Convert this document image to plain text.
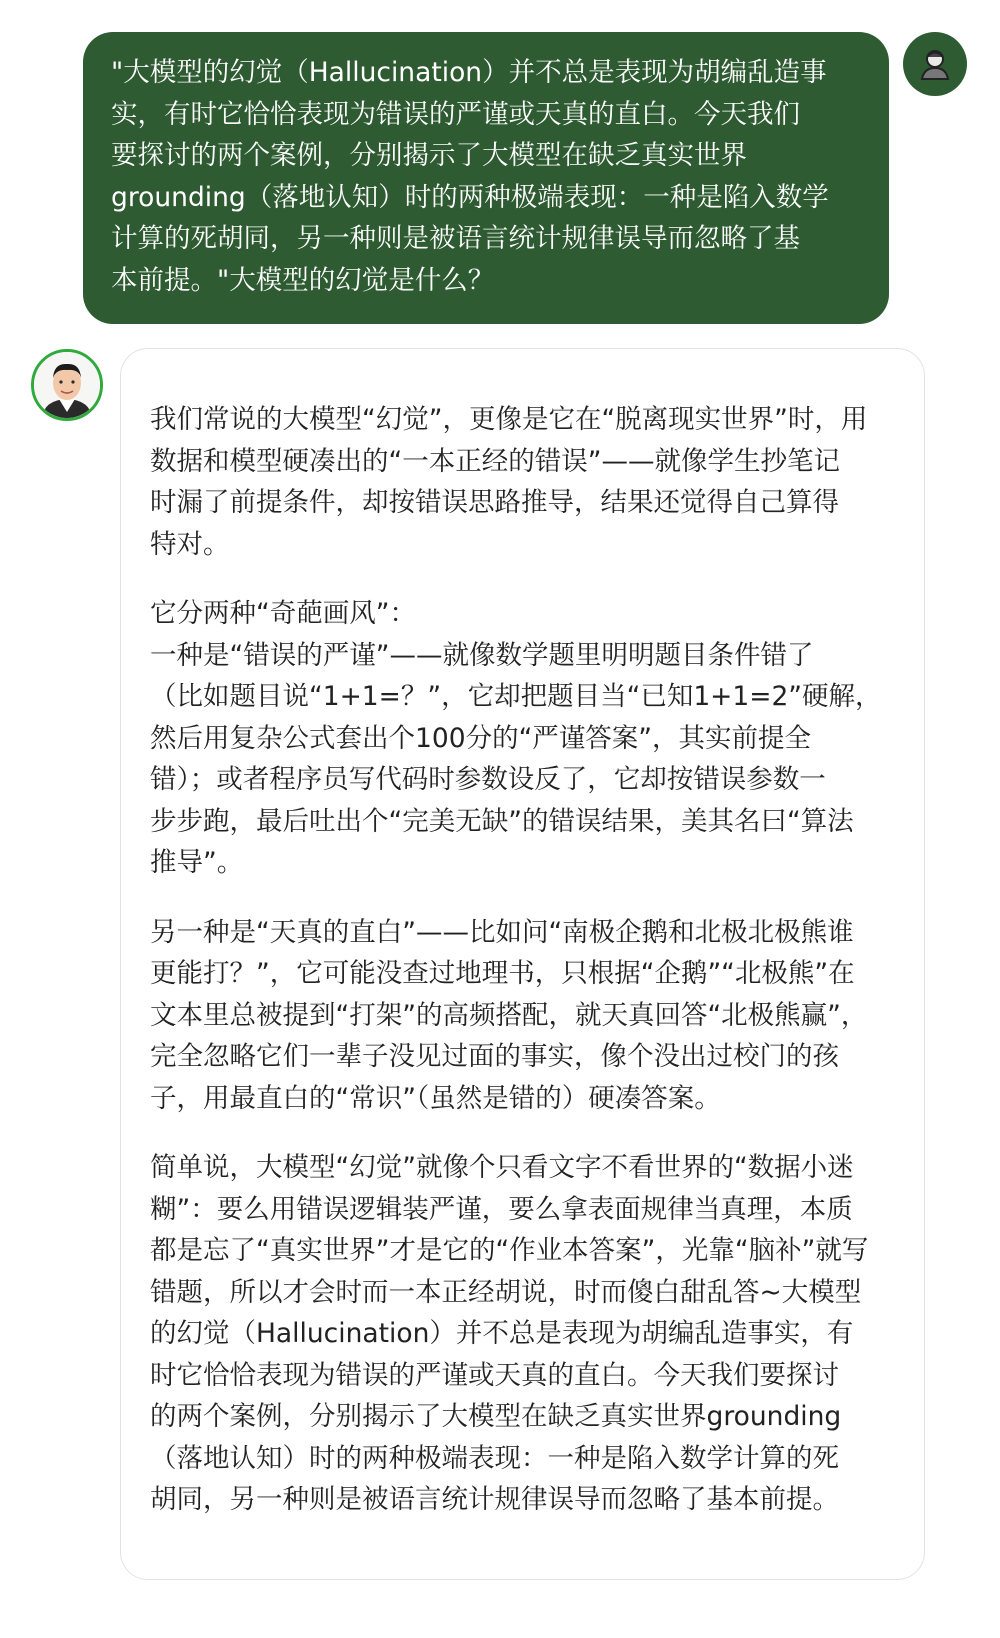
"大模型的幻觉（Hallucination）并不总是表现为胡编乱造事
实，有时它恰恰表现为错误的严谨或天真的直白。今天我们
要探讨的两个案例，分别揭示了大模型在缺乏真实世界
grounding（落地认知）时的两种极端表现：一种是陷入数学
计算的死胡同，另一种则是被语言统计规律误导而忽略了基
本前提。"大模型的幻觉是什么？

我们常说的大模型“幻觉”，更像是它在“脱离现实世界”时，用
数据和模型硬凑出的“一本正经的错误”——就像学生抄笔记
时漏了前提条件，却按错误思路推导，结果还觉得自己算得
特对。

它分两种“奇葩画风”：
一种是“错误的严谨”——就像数学题里明明题目条件错了
（比如题目说“1+1=？”，它却把题目当“已知1+1=2”硬解，
然后用复杂公式套出个100分的“严谨答案”，其实前提全
错）；或者程序员写代码时参数设反了，它却按错误参数一
步步跑，最后吐出个“完美无缺”的错误结果，美其名曰“算法
推导”。

另一种是“天真的直白”——比如问“南极企鹅和北极北极熊谁
更能打？”，它可能没查过地理书，只根据“企鹅”“北极熊”在
文本里总被提到“打架”的高频搭配，就天真回答“北极熊赢”，
完全忽略它们一辈子没见过面的事实，像个没出过校门的孩
子，用最直白的“常识”（虽然是错的）硬凑答案。

简单说，大模型“幻觉”就像个只看文字不看世界的“数据小迷
糊”：要么用错误逻辑装严谨，要么拿表面规律当真理，本质
都是忘了“真实世界”才是它的“作业本答案”，光靠“脑补”就写
错题，所以才会时而一本正经胡说，时而傻白甜乱答~大模型
的幻觉（Hallucination）并不总是表现为胡编乱造事实，有
时它恰恰表现为错误的严谨或天真的直白。今天我们要探讨
的两个案例，分别揭示了大模型在缺乏真实世界grounding
（落地认知）时的两种极端表现：一种是陷入数学计算的死
胡同，另一种则是被语言统计规律误导而忽略了基本前提。
